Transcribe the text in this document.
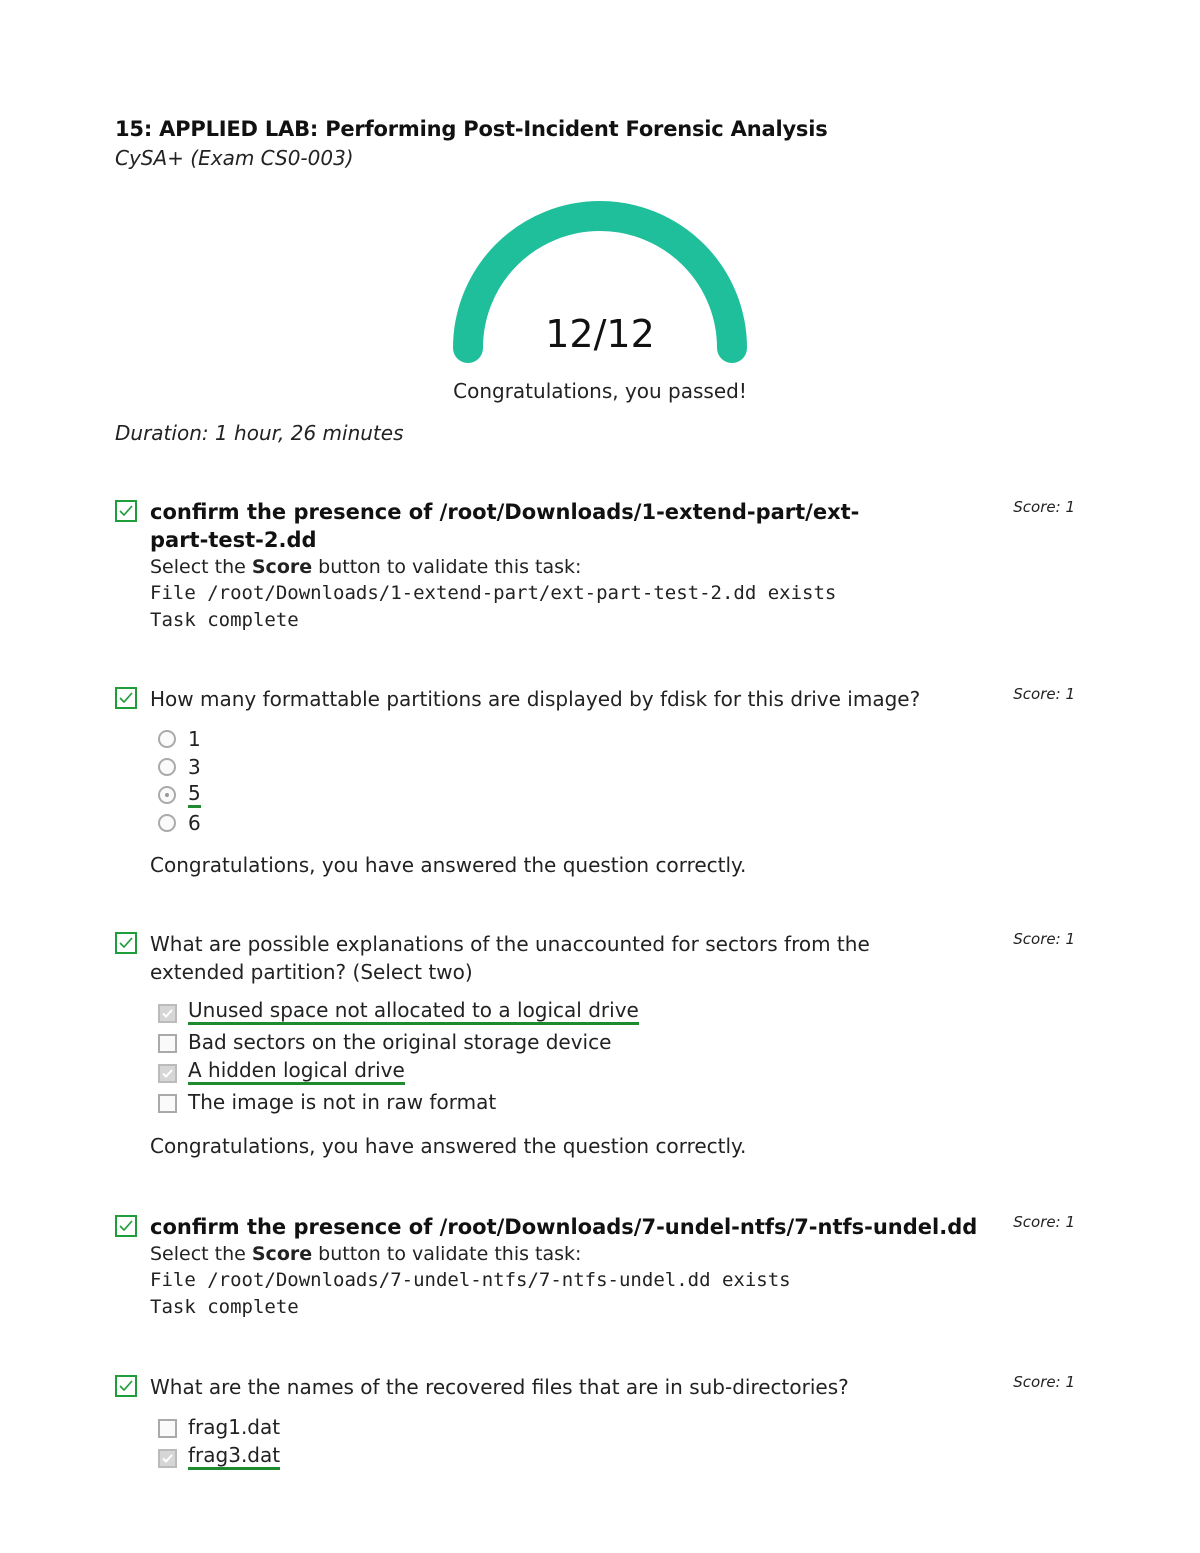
15: APPLIED LAB: Performing Post-Incident Forensic Analysis
CySA+ (Exam CS0-003)
12/12
Congratulations, you passed!
Duration: 1 hour, 26 minutes
confirm the presence of /root/Downloads/1-extend-part/ext-part-test-2.dd
Select the Score button to validate this task:
File /root/Downloads/1-extend-part/ext-part-test-2.dd exists
Task complete
Score: 1
How many formattable partitions are displayed by fdisk for this drive image?
1
3
5
6
Congratulations, you have answered the question correctly.
Score: 1
What are possible explanations of the unaccounted for sectors from the extended partition? (Select two)
Unused space not allocated to a logical drive
Bad sectors on the original storage device
A hidden logical drive
The image is not in raw format
Congratulations, you have answered the question correctly.
Score: 1
confirm the presence of /root/Downloads/7-undel-ntfs/7-ntfs-undel.dd
Select the Score button to validate this task:
File /root/Downloads/7-undel-ntfs/7-ntfs-undel.dd exists
Task complete
Score: 1
What are the names of the recovered files that are in sub-directories?
frag1.dat
frag3.dat
Score: 1
